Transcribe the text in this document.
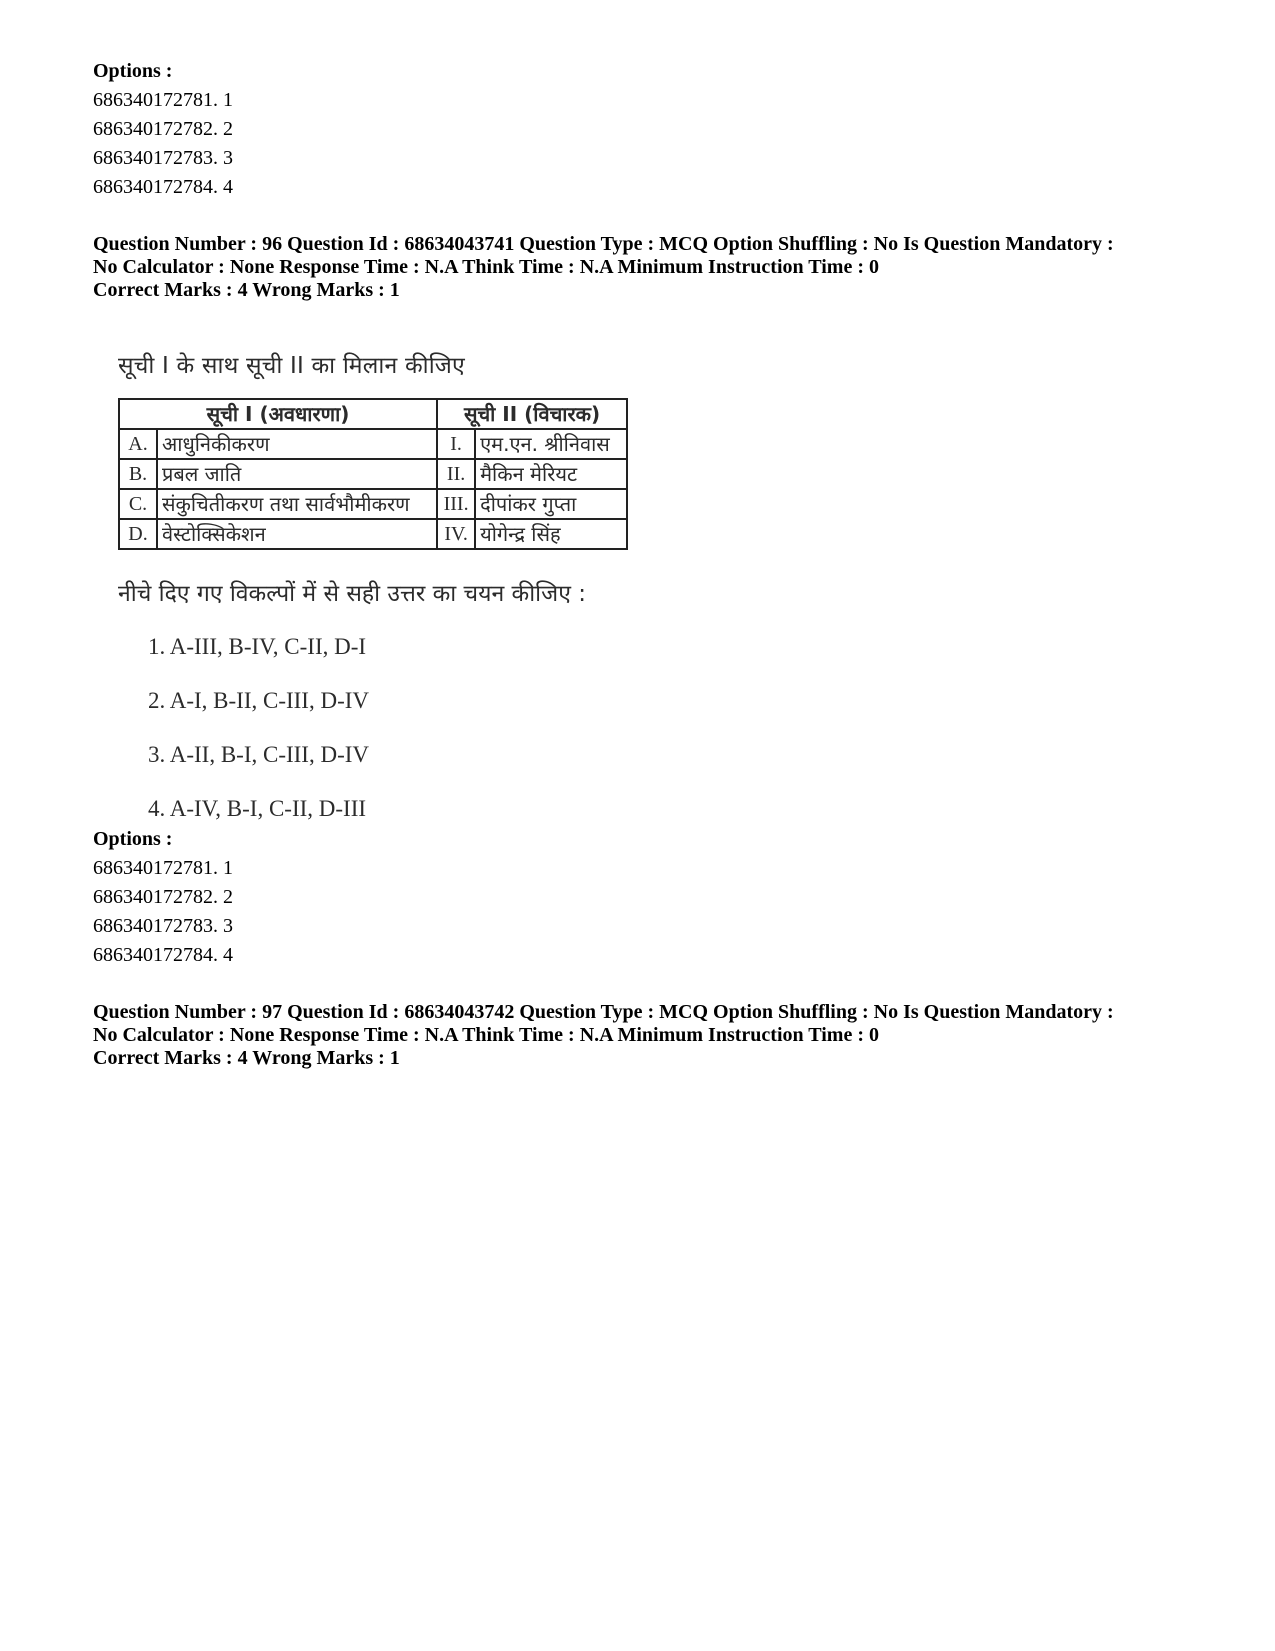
Options :
686340172781. 1
686340172782. 2
686340172783. 3
686340172784. 4

Question Number : 96 Question Id : 68634043741 Question Type : MCQ Option Shuffling : No Is Question Mandatory :

No Calculator : None Response Time : N.A Think Time : N.A Minimum Instruction Time : 0

Correct Marks : 4 Wrong Marks : 1

सूची I के साथ सूची II का मिलान कीजिए

सूची I (अवधारणा)		सूची II (विचारक)	
A.	आधुनिकीकरण	I.	एम.एन. श्रीनिवास
B.	प्रबल जाति	II.	मैकिन मेरियट
C.	संकुचितीकरण तथा सार्वभौमीकरण	III.	दीपांकर गुप्ता
D.	वेस्टोक्सिकेशन	IV.	योगेन्द्र सिंह

नीचे दिए गए विकल्पों में से सही उत्तर का चयन कीजिए :

1. A-III, B-IV, C-II, D-I
2. A-I, B-II, C-III, D-IV
3. A-II, B-I, C-III, D-IV
4. A-IV, B-I, C-II, D-III
Options :
686340172781. 1
686340172782. 2
686340172783. 3
686340172784. 4

Question Number : 97 Question Id : 68634043742 Question Type : MCQ Option Shuffling : No Is Question Mandatory :

No Calculator : None Response Time : N.A Think Time : N.A Minimum Instruction Time : 0

Correct Marks : 4 Wrong Marks : 1
